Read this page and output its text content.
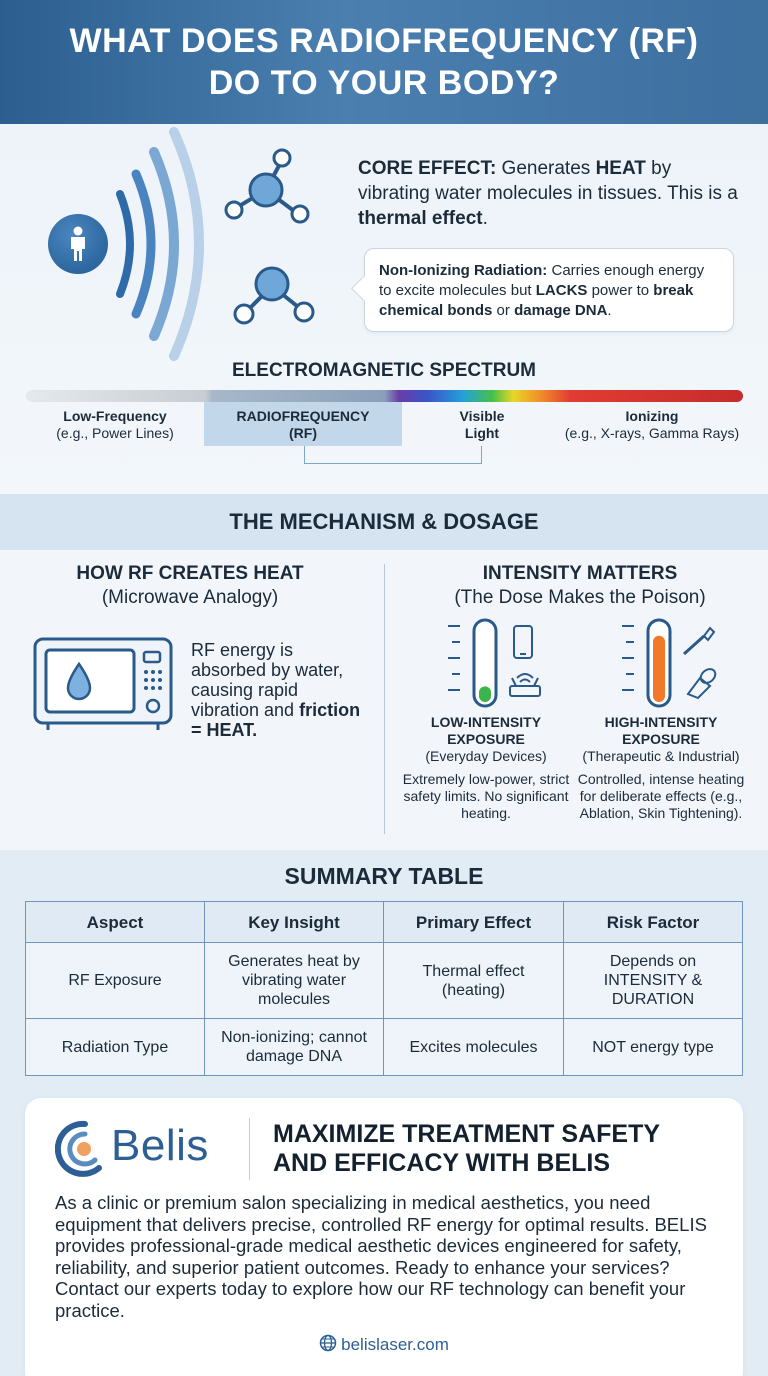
WHAT DOES RADIOFREQUENCY (RF)
DO TO YOUR BODY?
CORE EFFECT: Generates HEAT by vibrating water molecules in tissues. This is a thermal effect.
Non-Ionizing Radiation: Carries enough energy to excite molecules but LACKS power to break chemical bonds or damage DNA.
ELECTROMAGNETIC SPECTRUM
Low-Frequency
(e.g., Power Lines)
RADIOFREQUENCY
(RF)
Visible
Light
Ionizing
(e.g., X-rays, Gamma Rays)
THE MECHANISM & DOSAGE
HOW RF CREATES HEAT
(Microwave Analogy)
RF energy is absorbed by water, causing rapid vibration and friction = HEAT.
INTENSITY MATTERS
(The Dose Makes the Poison)
LOW-INTENSITY
EXPOSURE
(Everyday Devices)
Extremely low-power, strict safety limits. No significant heating.
HIGH-INTENSITY
EXPOSURE
(Therapeutic & Industrial)
Controlled, intense heating for deliberate effects (e.g., Ablation, Skin Tightening).
SUMMARY TABLE
Aspect	Key Insight	Primary Effect	Risk Factor
RF Exposure	Generates heat by vibrating water molecules	Thermal effect (heating)	Depends on INTENSITY & DURATION
Radiation Type	Non-ionizing; cannot damage DNA	Excites molecules	NOT energy type
Belis	MAXIMIZE TREATMENT SAFETY AND EFFICACY WITH BELIS
As a clinic or premium salon specializing in medical aesthetics, you need equipment that delivers precise, controlled RF energy for optimal results. BELIS provides professional-grade medical aesthetic devices engineered for safety, reliability, and superior patient outcomes. Ready to enhance your services? Contact our experts today to explore how our RF technology can benefit your practice.
belislaser.com
